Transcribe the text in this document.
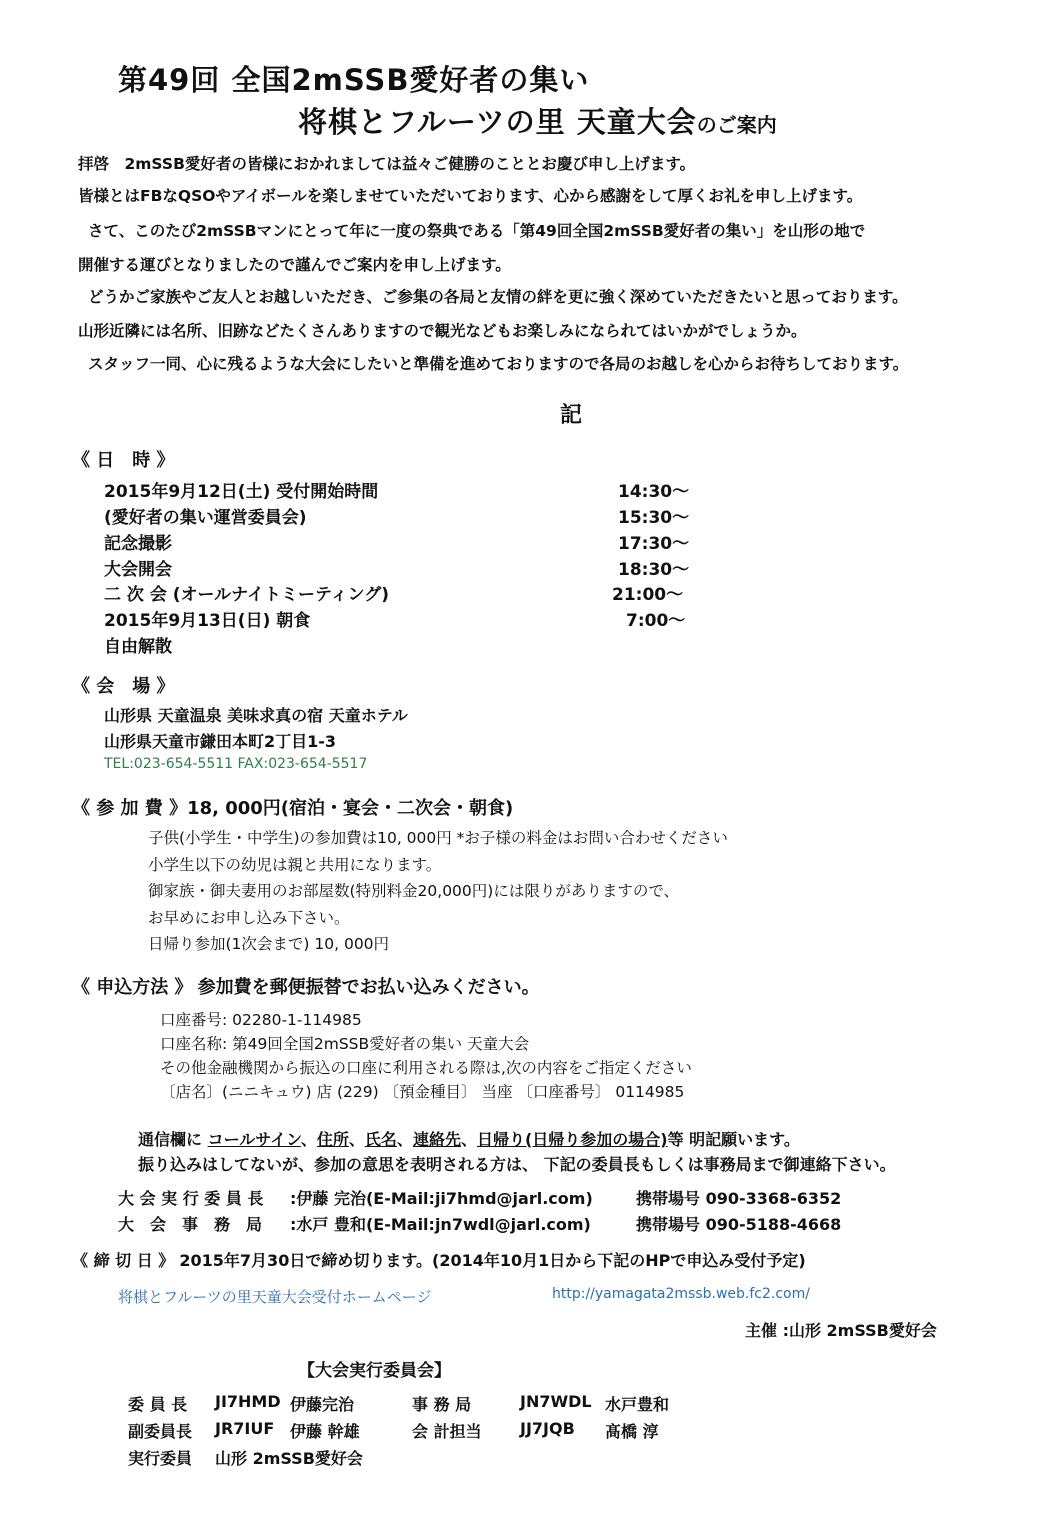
第49回 全国2mSSB愛好者の集い
将棋とフルーツの里 天童大会のご案内
拝啓　2mSSB愛好者の皆様におかれましては益々ご健勝のこととお慶び申し上げます。
皆様とはFBなQSOやアイボールを楽しませていただいております、心から感謝をして厚くお礼を申し上げます。
さて、このたび2mSSBマンにとって年に一度の祭典である「第49回全国2mSSB愛好者の集い」を山形の地で
開催する運びとなりましたので謹んでご案内を申し上げます。
どうかご家族やご友人とお越しいただき、ご参集の各局と友情の絆を更に強く深めていただきたいと思っております。
山形近隣には名所、旧跡などたくさんありますので観光などもお楽しみになられてはいかがでしょうか。
スタッフ一同、心に残るような大会にしたいと準備を進めておりますので各局のお越しを心からお待ちしております。
記
《 日　時 》
2015年9月12日(土) 受付開始時間	14:30～
(愛好者の集い運営委員会)	15:30～
記念撮影	17:30～
大会開会	18:30～
二 次 会 (オールナイトミーティング)	21:00～
2015年9月13日(日) 朝食	7:00～
自由解散
《 会　場 》
山形県 天童温泉 美味求真の宿 天童ホテル
山形県天童市鎌田本町2丁目1-3
TEL:023-654-5511 FAX:023-654-5517
《 参 加 費 》18, 000円(宿泊・宴会・二次会・朝食)
子供(小学生・中学生)の参加費は10, 000円 *お子様の料金はお問い合わせください
小学生以下の幼児は親と共用になります。
御家族・御夫妻用のお部屋数(特別料金20,000円)には限りがありますので、
お早めにお申し込み下さい。
日帰り参加(1次会まで) 10, 000円
《 申込方法 》 参加費を郵便振替でお払い込みください。
口座番号: 02280-1-114985
口座名称: 第49回全国2mSSB愛好者の集い 天童大会
その他金融機関から振込の口座に利用される際は,次の内容をご指定ください
〔店名〕(ニニキュウ) 店 (229) 〔預金種目〕 当座 〔口座番号〕 0114985
通信欄に コールサイン、住所、氏名、連絡先、日帰り(日帰り参加の場合)等 明記願います。
振り込みはしてないが、参加の意思を表明される方は、 下記の委員長もしくは事務局まで御連絡下さい。
大 会 実 行 委 員 長 :伊藤 完治(E-Mail:ji7hmd@jarl.com)	携帯場号 090-3368-6352
大　会　事　務　局 :水戸 豊和(E-Mail:jn7wdl@jarl.com)	携帯場号 090-5188-4668
《 締 切 日 》 2015年7月30日で締め切ります。(2014年10月1日から下記のHPで申込み受付予定)
将棋とフルーツの里天童大会受付ホームページ	http://yamagata2mssb.web.fc2.com/
主催 :山形 2mSSB愛好会
【大会実行委員会】
委 員 長 JI7HMD 伊藤完治	事 務 局	JN7WDL 水戸豊和
副委員長 JR7IUF 伊藤 幹雄	会 計担当 JJ7JQB 髙橋 淳
実行委員 山形 2mSSB愛好会
